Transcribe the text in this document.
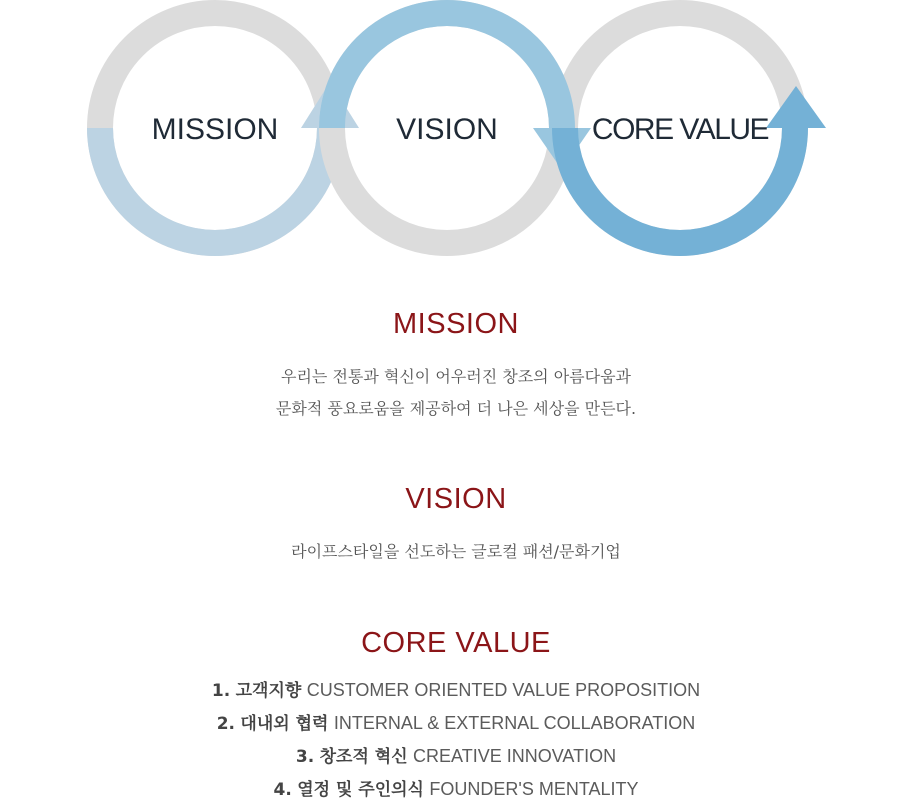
MISSION	VISION	CORE VALUE
MISSION

우리는 전통과 혁신이 어우러진 창조의 아름다움과

문화적 풍요로움을 제공하여 더 나은 세상을 만든다.

VISION

라이프스타일을 선도하는 글로컬 패션/문화기업

CORE VALUE
1. 고객지향 CUSTOMER ORIENTED VALUE PROPOSITION
2. 대내외 협력 INTERNAL & EXTERNAL COLLABORATION
3. 창조적 혁신 CREATIVE INNOVATION
4. 열정 및 주인의식 FOUNDER'S MENTALITY
